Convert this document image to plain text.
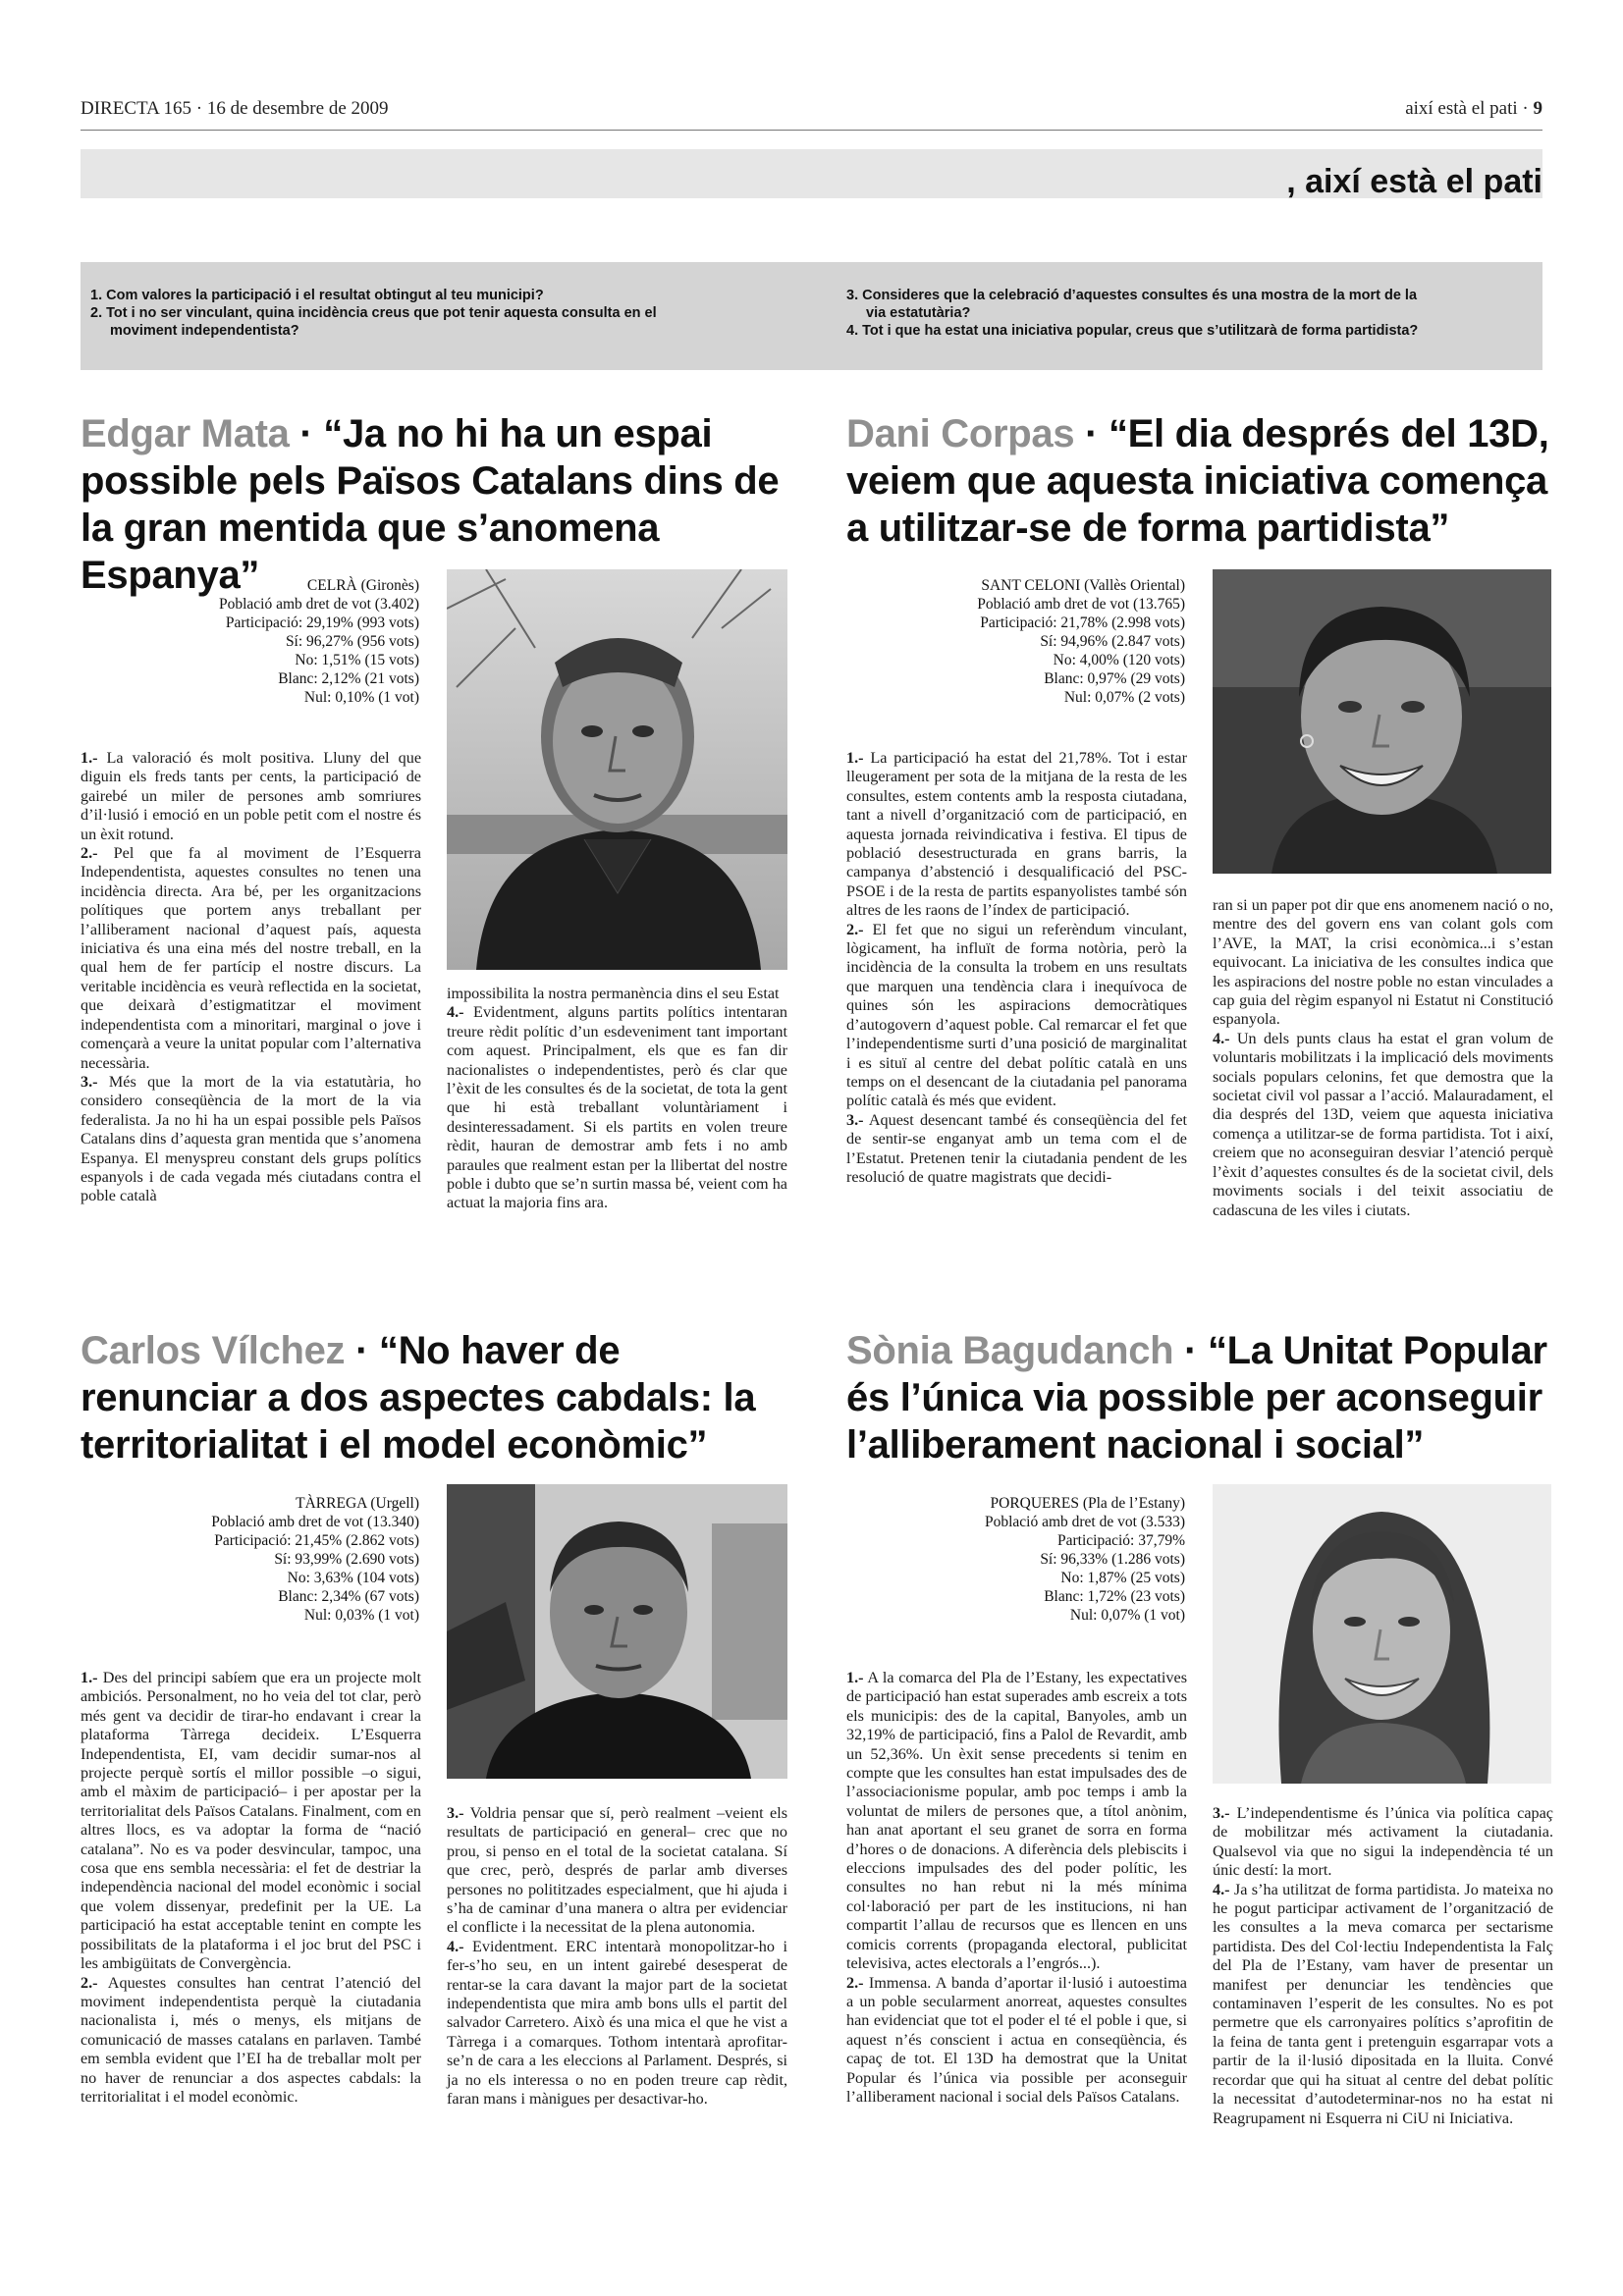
DIRECTA 165 · 16 de desembre de 2009	així està el pati · 9
, així està el pati

1. Com valores la participació i el resultat obtingut al teu municipi?

2. Tot i no ser vinculant, quina incidència creus que pot tenir aquesta consulta en el moviment independentista?

3. Consideres que la celebració d’aquestes consultes és una mostra de la mort de la via estatutària?

4. Tot i que ha estat una iniciativa popular, creus que s’utilitzarà de forma partidista?

Edgar Mata · “Ja no hi ha un espai possible pels Països Catalans dins de la gran mentida que s’anomena Espanya”	CELRÀ (Gironès)
Població amb dret de vot (3.402)
Participació: 29,19% (993 vots)
Sí: 96,27% (956 vots)
No: 1,51% (15 vots)
Blanc: 2,12% (21 vots)
Nul: 0,10% (1 vot)

1.- La valoració és molt positiva. Lluny del que diguin els freds tants per cents, la participació de gairebé un miler de persones amb somriures d’il·lusió i emoció en un poble petit com el nostre és un èxit rotund.

2.- Pel que fa al moviment de l’Esquerra Independentista, aquestes consultes no tenen una incidència directa. Ara bé, per les organitzacions polítiques que portem anys treballant per l’alliberament nacional d’aquest país, aquesta iniciativa és una eina més del nostre treball, en la qual hem de fer partícip el nostre discurs. La veritable incidència es veurà reflectida en la societat, que deixarà d’estigmatitzar el moviment independentista com a minoritari, marginal o jove i començarà a veure la unitat popular com l’alternativa necessària.

3.- Més que la mort de la via estatutària, ho considero conseqüència de la mort de la via federalista. Ja no hi ha un espai possible pels Països Catalans dins d’aquesta gran mentida que s’anomena Espanya. El menyspreu constant dels grups polítics espanyols i de cada vegada més ciutadans contra el poble català

impossibilita la nostra permanència dins el seu Estat

4.- Evidentment, alguns partits polítics intentaran treure rèdit polític d’un esdeveniment tant important com aquest. Principalment, els que es fan dir nacionalistes o independentistes, però és clar que l’èxit de les consultes és de la societat, de tota la gent que hi està treballant voluntàriament i desinteressadament. Si els partits en volen treure rèdit, hauran de demostrar amb fets i no amb paraules que realment estan per la llibertat del nostre poble i dubto que se’n surtin massa bé, veient com ha actuat la majoria fins ara.

Dani Corpas · “El dia després del 13D, veiem que aquesta iniciativa comença a utilitzar-se de forma partidista”
SANT CELONI (Vallès Oriental)
Població amb dret de vot (13.765)
Participació: 21,78% (2.998 vots)
Sí: 94,96% (2.847 vots)
No: 4,00% (120 vots)
Blanc: 0,97% (29 vots)
Nul: 0,07% (2 vots)

1.- La participació ha estat del 21,78%. Tot i estar lleugerament per sota de la mitjana de la resta de les consultes, estem contents amb la resposta ciutadana, tant a nivell d’organització com de participació, en aquesta jornada reivindicativa i festiva. El tipus de població desestructurada en grans barris, la campanya d’abstenció i desqualificació del PSC-PSOE i de la resta de partits espanyolistes també són altres de les raons de l’índex de participació.

2.- El fet que no sigui un referèndum vinculant, lògicament, ha influït de forma notòria, però la incidència de la consulta la trobem en uns resultats que marquen una tendència clara i inequívoca de quines són les aspiracions democràtiques d’autogovern d’aquest poble. Cal remarcar el fet que l’independentisme surti d’una posició de marginalitat i es situï al centre del debat polític català en uns temps on el desencant de la ciutadania pel panorama polític català és més que evident.

3.- Aquest desencant també és conseqüència del fet de sentir-se enganyat amb un tema com el de l’Estatut. Pretenen tenir la ciutadania pendent de les resolució de quatre magistrats que decidi-

ran si un paper pot dir que ens anomenem nació o no, mentre des del govern ens van colant gols com l’AVE, la MAT, la crisi econòmica...i s’estan equivocant. La iniciativa de les consultes indica que les aspiracions del nostre poble no estan vinculades a cap guia del règim espanyol ni Estatut ni Constitució espanyola.

4.- Un dels punts claus ha estat el gran volum de voluntaris mobilitzats i la implicació dels moviments socials populars celonins, fet que demostra que la societat civil vol passar a l’acció. Malauradament, el dia després del 13D, veiem que aquesta iniciativa comença a utilitzar-se de forma partidista. Tot i així, creiem que no aconseguiran desviar l’atenció perquè l’èxit d’aquestes consultes és de la societat civil, dels moviments socials i del teixit associatiu de cadascuna de les viles i ciutats.

Carlos Vílchez · “No haver de renunciar a dos aspectes cabdals: la territorialitat i el model econòmic”
TÀRREGA (Urgell)
Població amb dret de vot (13.340)
Participació: 21,45% (2.862 vots)
Sí: 93,99% (2.690 vots)
No: 3,63% (104 vots)
Blanc: 2,34% (67 vots)
Nul: 0,03% (1 vot)

1.- Des del principi sabíem que era un projecte molt ambiciós. Personalment, no ho veia del tot clar, però més gent va decidir de tirar-ho endavant i crear la plataforma Tàrrega decideix. L’Esquerra Independentista, EI, vam decidir sumar-nos al projecte perquè sortís el millor possible –o sigui, amb el màxim de participació– i per apostar per la territorialitat dels Països Catalans. Finalment, com en altres llocs, es va adoptar la forma de “nació catalana”. No es va poder desvincular, tampoc, una cosa que ens sembla necessària: el fet de destriar la independència nacional del model econòmic i social que volem dissenyar, predefinit per la UE. La participació ha estat acceptable tenint en compte les possibilitats de la plataforma i el joc brut del PSC i les ambigüitats de Convergència.

2.- Aquestes consultes han centrat l’atenció del moviment independentista perquè la ciutadania nacionalista i, més o menys, els mitjans de comunicació de masses catalans en parlaven. També em sembla evident que l’EI ha de treballar molt per no haver de renunciar a dos aspectes cabdals: la territorialitat i el model econòmic.

3.- Voldria pensar que sí, però realment –veient els resultats de participació en general– crec que no prou, si penso en el total de la societat catalana. Sí que crec, però, després de parlar amb diverses persones no polititzades especialment, que hi ajuda i s’ha de caminar d’una manera o altra per evidenciar el conflicte i la necessitat de la plena autonomia.

4.- Evidentment. ERC intentarà monopolitzar-ho i fer-s’ho seu, en un intent gairebé desesperat de rentar-se la cara davant la major part de la societat independentista que mira amb bons ulls el partit del salvador Carretero. Això és una mica el que he vist a Tàrrega i a comarques. Tothom intentarà aprofitar-se’n de cara a les eleccions al Parlament. Després, si ja no els interessa o no en poden treure cap rèdit, faran mans i mànigues per desactivar-ho.

Sònia Bagudanch · “La Unitat Popular és l’única via possible per aconseguir l’alliberament nacional i social”
PORQUERES (Pla de l’Estany)
Població amb dret de vot (3.533)
Participació: 37,79%
Sí: 96,33% (1.286 vots)
No: 1,87% (25 vots)
Blanc: 1,72% (23 vots)
Nul: 0,07% (1 vot)

1.- A la comarca del Pla de l’Estany, les expectatives de participació han estat superades amb escreix a tots els municipis: des de la capital, Banyoles, amb un 32,19% de participació, fins a Palol de Revardit, amb un 52,36%. Un èxit sense precedents si tenim en compte que les consultes han estat impulsades des de l’associacionisme popular, amb poc temps i amb la voluntat de milers de persones que, a títol anònim, han anat aportant el seu granet de sorra en forma d’hores o de donacions. A diferència dels plebiscits i eleccions impulsades des del poder polític, les consultes no han rebut ni la més mínima col·laboració per part de les institucions, ni han compartit l’allau de recursos que es llencen en uns comicis corrents (propaganda electoral, publicitat televisiva, actes electorals a l’engrós...).

2.- Immensa. A banda d’aportar il·lusió i autoestima a un poble secularment anorreat, aquestes consultes han evidenciat que tot el poder el té el poble i que, si aquest n’és conscient i actua en conseqüència, és capaç de tot. El 13D ha demostrat que la Unitat Popular és l’única via possible per aconseguir l’alliberament nacional i social dels Països Catalans.

3.- L’independentisme és l’única via política capaç de mobilitzar més activament la ciutadania. Qualsevol via que no sigui la independència té un únic destí: la mort.

4.- Ja s’ha utilitzat de forma partidista. Jo mateixa no he pogut participar activament de l’organització de les consultes a la meva comarca per sectarisme partidista. Des del Col·lectiu Independentista la Falç del Pla de l’Estany, vam haver de presentar un manifest per denunciar les tendències que contaminaven l’esperit de les consultes. No es pot permetre que els carronyaires polítics s’aprofitin de la feina de tanta gent i pretenguin esgarrapar vots a partir de la il·lusió dipositada en la lluita. Convé recordar que qui ha situat al centre del debat polític la necessitat d’autodeterminar-nos no ha estat ni Reagrupament ni Esquerra ni CiU ni Iniciativa.
